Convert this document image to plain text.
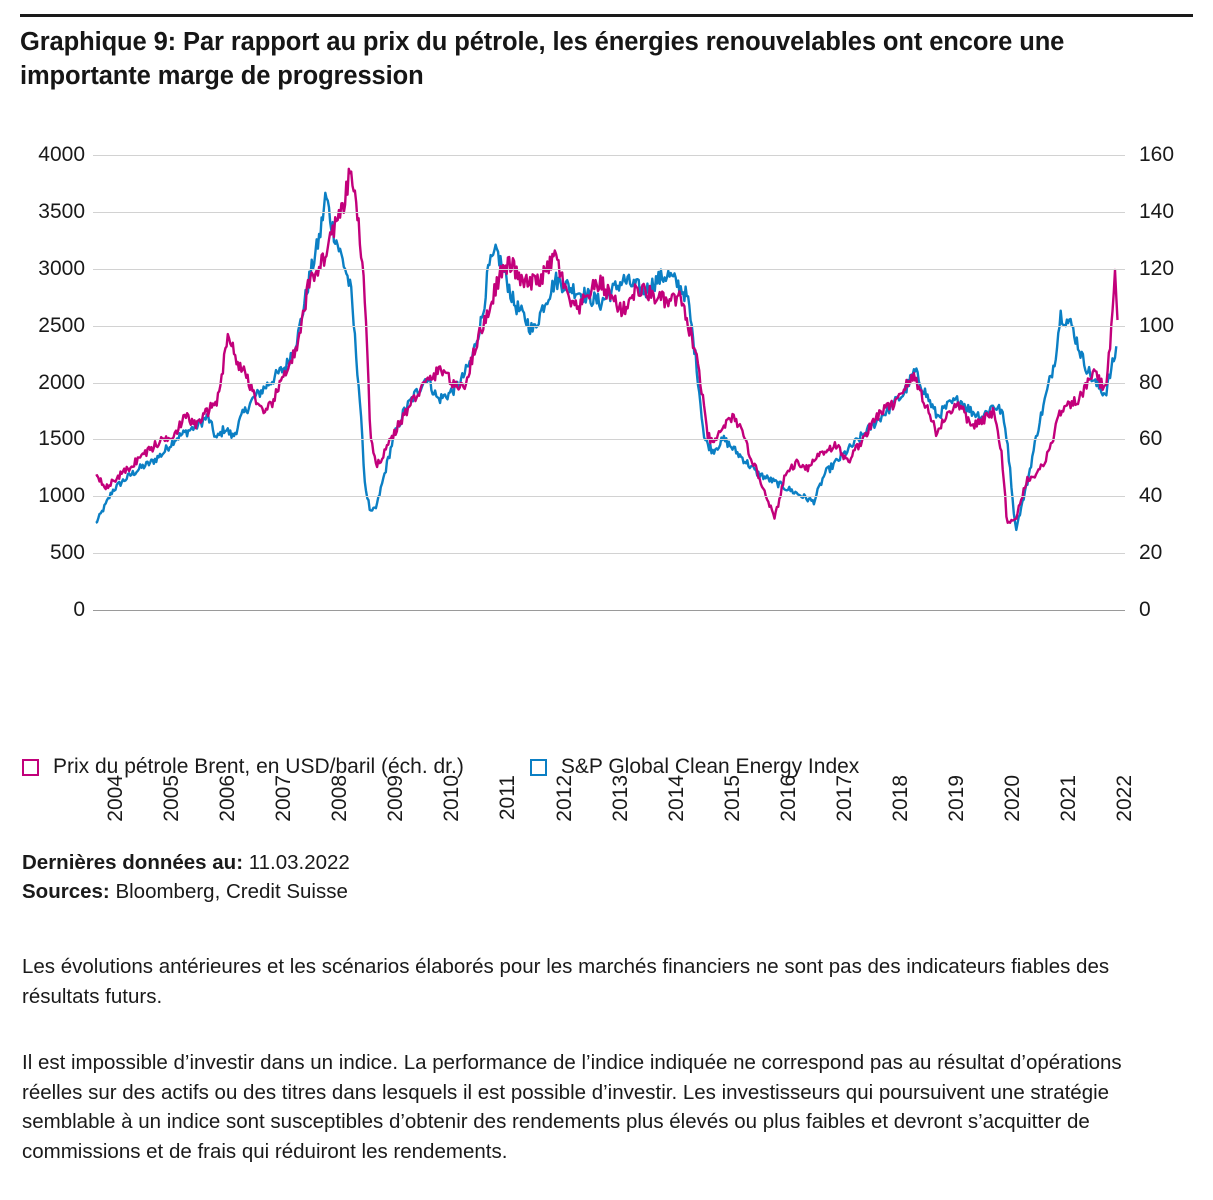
Graphique 9: Par rapport au prix du pétrole, les énergies renouvelables ont encore une importante marge de progression
0	0
500	20
1000	40
1500	60
2000	80
2500	100
3000	120
3500	140
4000	160
2004 2005 2006 2007 2008 2009 2010 2011 2012 2013 2014 2015 2016 2017 2018 2019 2020 2021 2022
Prix du pétrole Brent, en USD/baril (éch. dr.)	S&P Global Clean Energy Index
Dernières données au: 11.03.2022
Sources: Bloomberg, Credit Suisse
Les évolutions antérieures et les scénarios élaborés pour les marchés financiers ne sont pas des indicateurs fiables des résultats futurs.
Il est impossible d’investir dans un indice. La performance de l’indice indiquée ne correspond pas au résultat d’opérations réelles sur des actifs ou des titres dans lesquels il est possible d’investir. Les investisseurs qui poursuivent une stratégie semblable à un indice sont susceptibles d’obtenir des rendements plus élevés ou plus faibles et devront s’acquitter de commissions et de frais qui réduiront les rendements.
